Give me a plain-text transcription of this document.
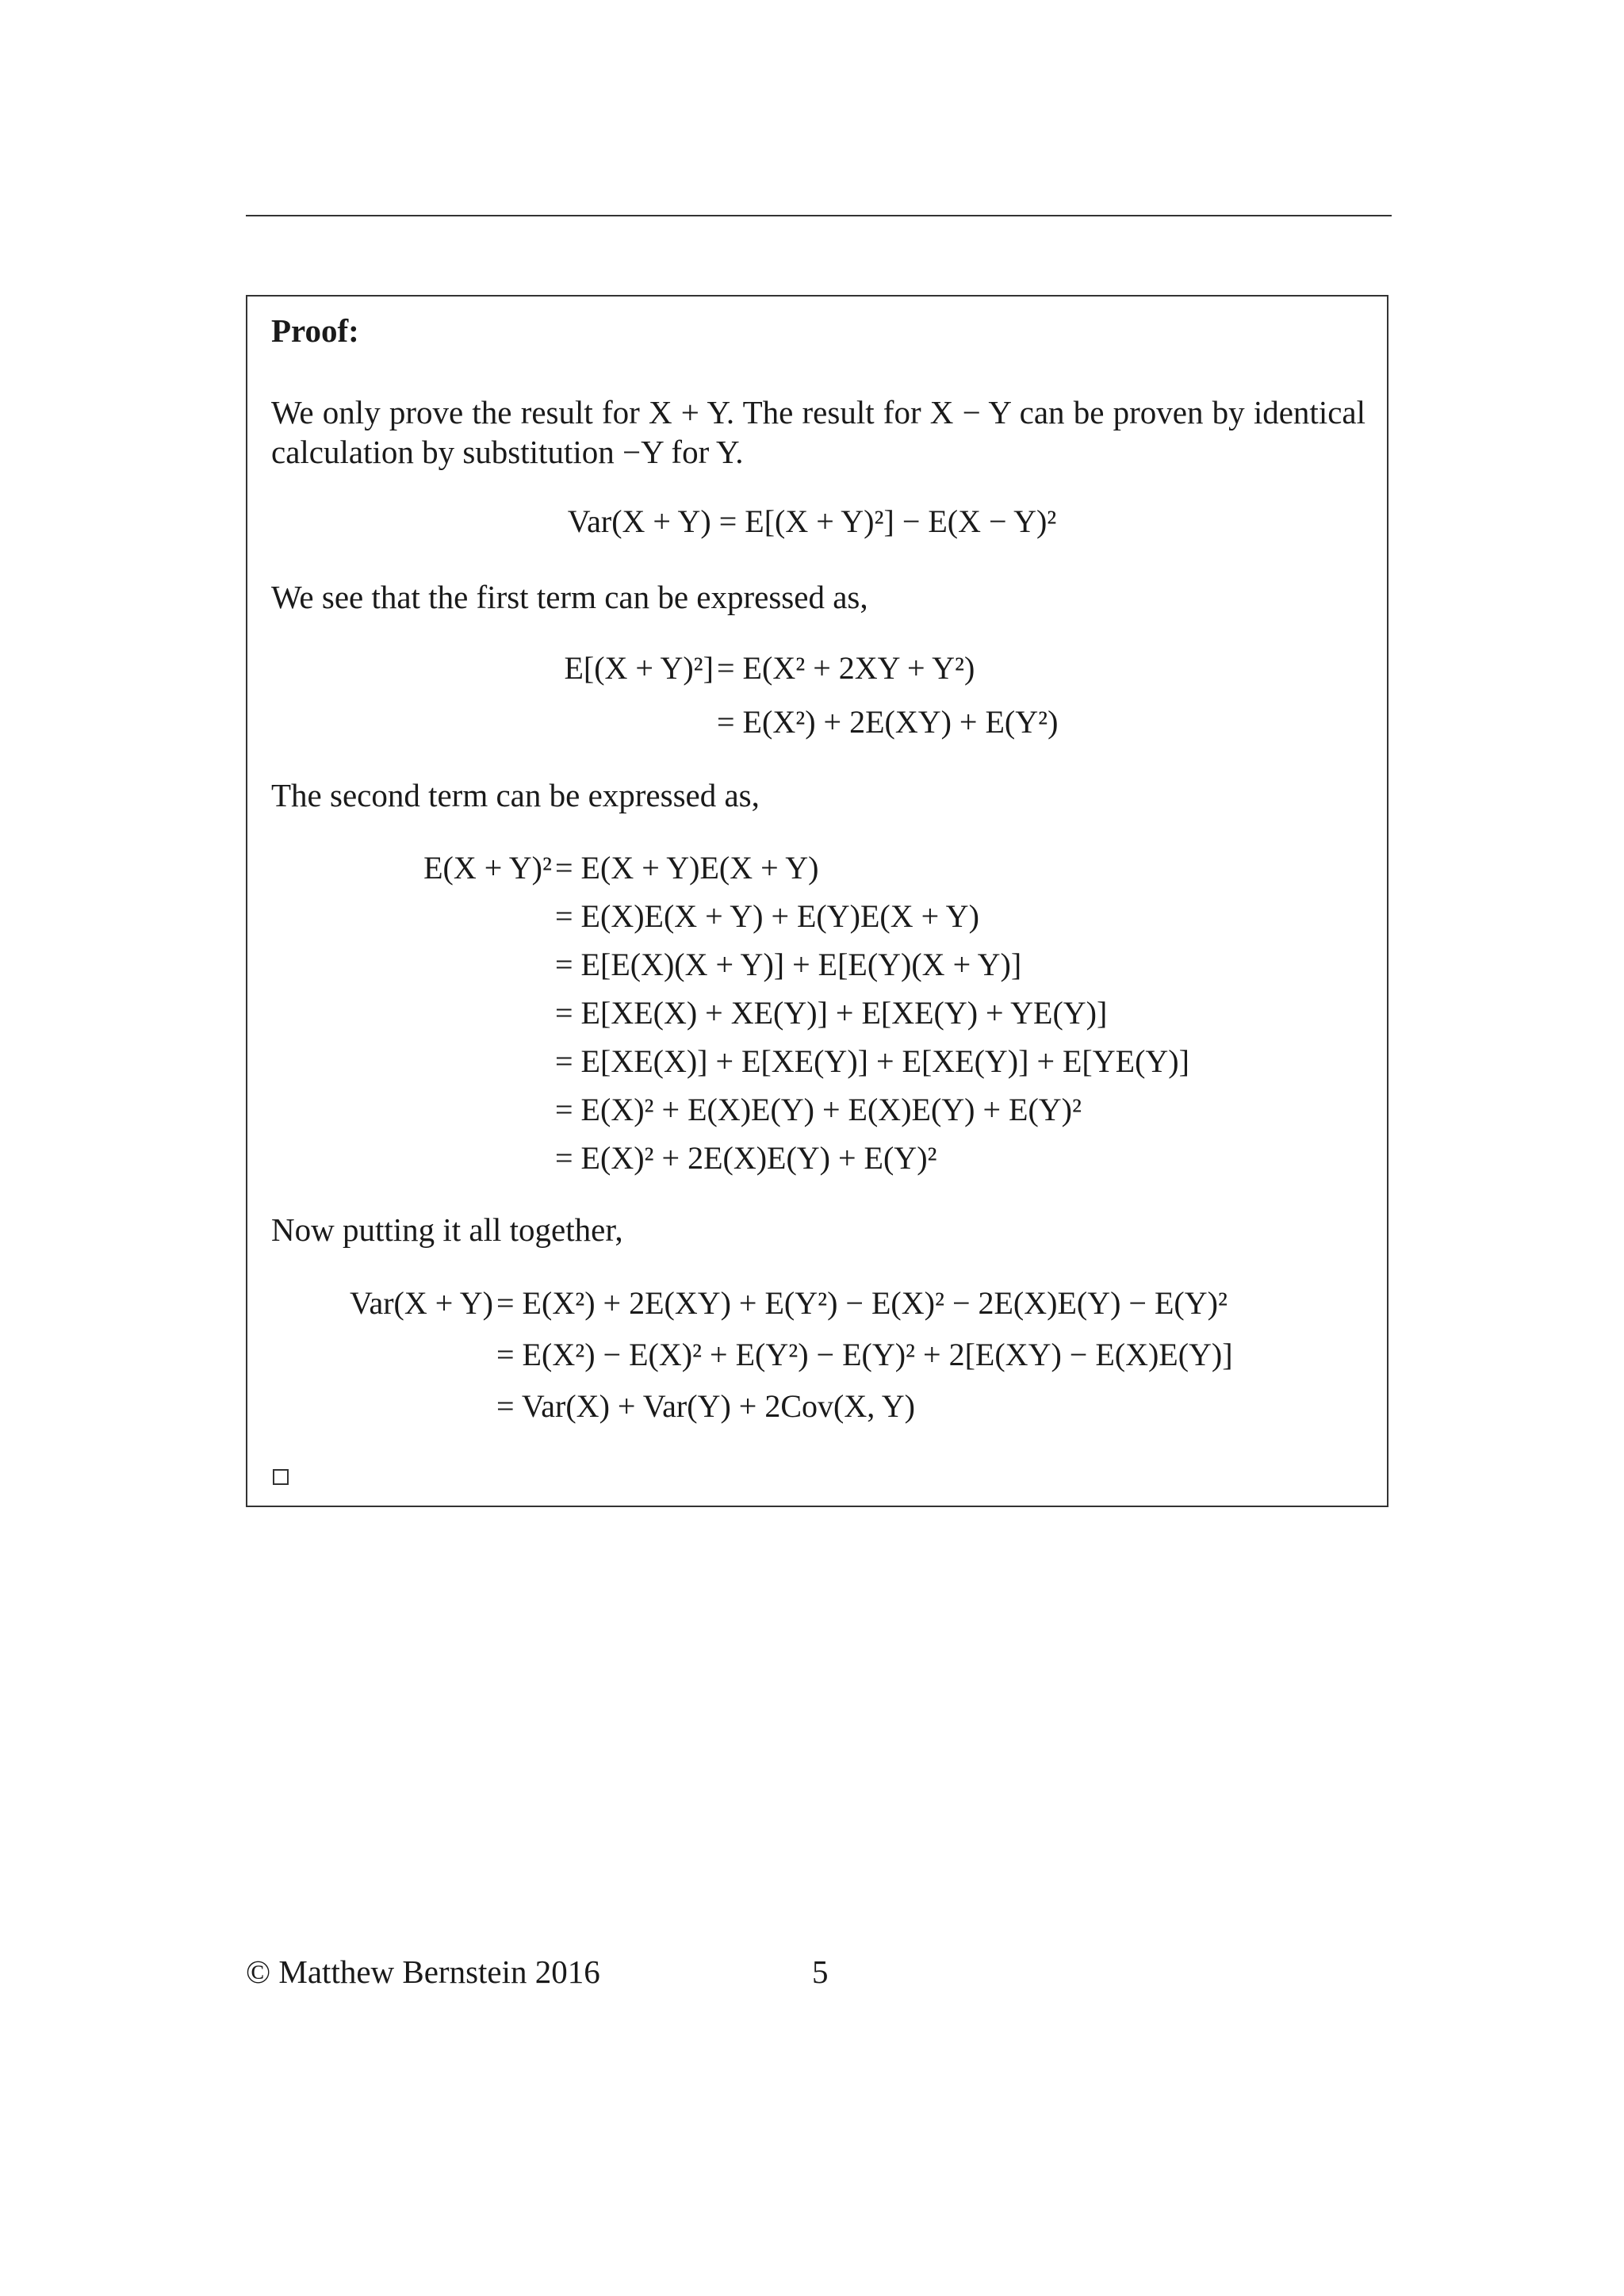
Proof:
We only prove the result for X + Y. The result for X − Y can be proven by identical calculation by substitution −Y for Y.
Var(X + Y) = E[(X + Y)²] − E(X − Y)²
We see that the first term can be expressed as,
E[(X + Y)²] = E(X² + 2XY + Y²)
= E(X²) + 2E(XY) + E(Y²)
The second term can be expressed as,
E(X + Y)² = E(X + Y)E(X + Y)
= E(X)E(X + Y) + E(Y)E(X + Y)
= E[E(X)(X + Y)] + E[E(Y)(X + Y)]
= E[XE(X) + XE(Y)] + E[XE(Y) + YE(Y)]
= E[XE(X)] + E[XE(Y)] + E[XE(Y)] + E[YE(Y)]
= E(X)² + E(X)E(Y) + E(X)E(Y) + E(Y)²
= E(X)² + 2E(X)E(Y) + E(Y)²
Now putting it all together,
Var(X + Y) = E(X²) + 2E(XY) + E(Y²) − E(X)² − 2E(X)E(Y) − E(Y)²
= E(X²) − E(X)² + E(Y²) − E(Y)² + 2[E(XY) − E(X)E(Y)]
= Var(X) + Var(Y) + 2Cov(X, Y)
© Matthew Bernstein 2016	5
